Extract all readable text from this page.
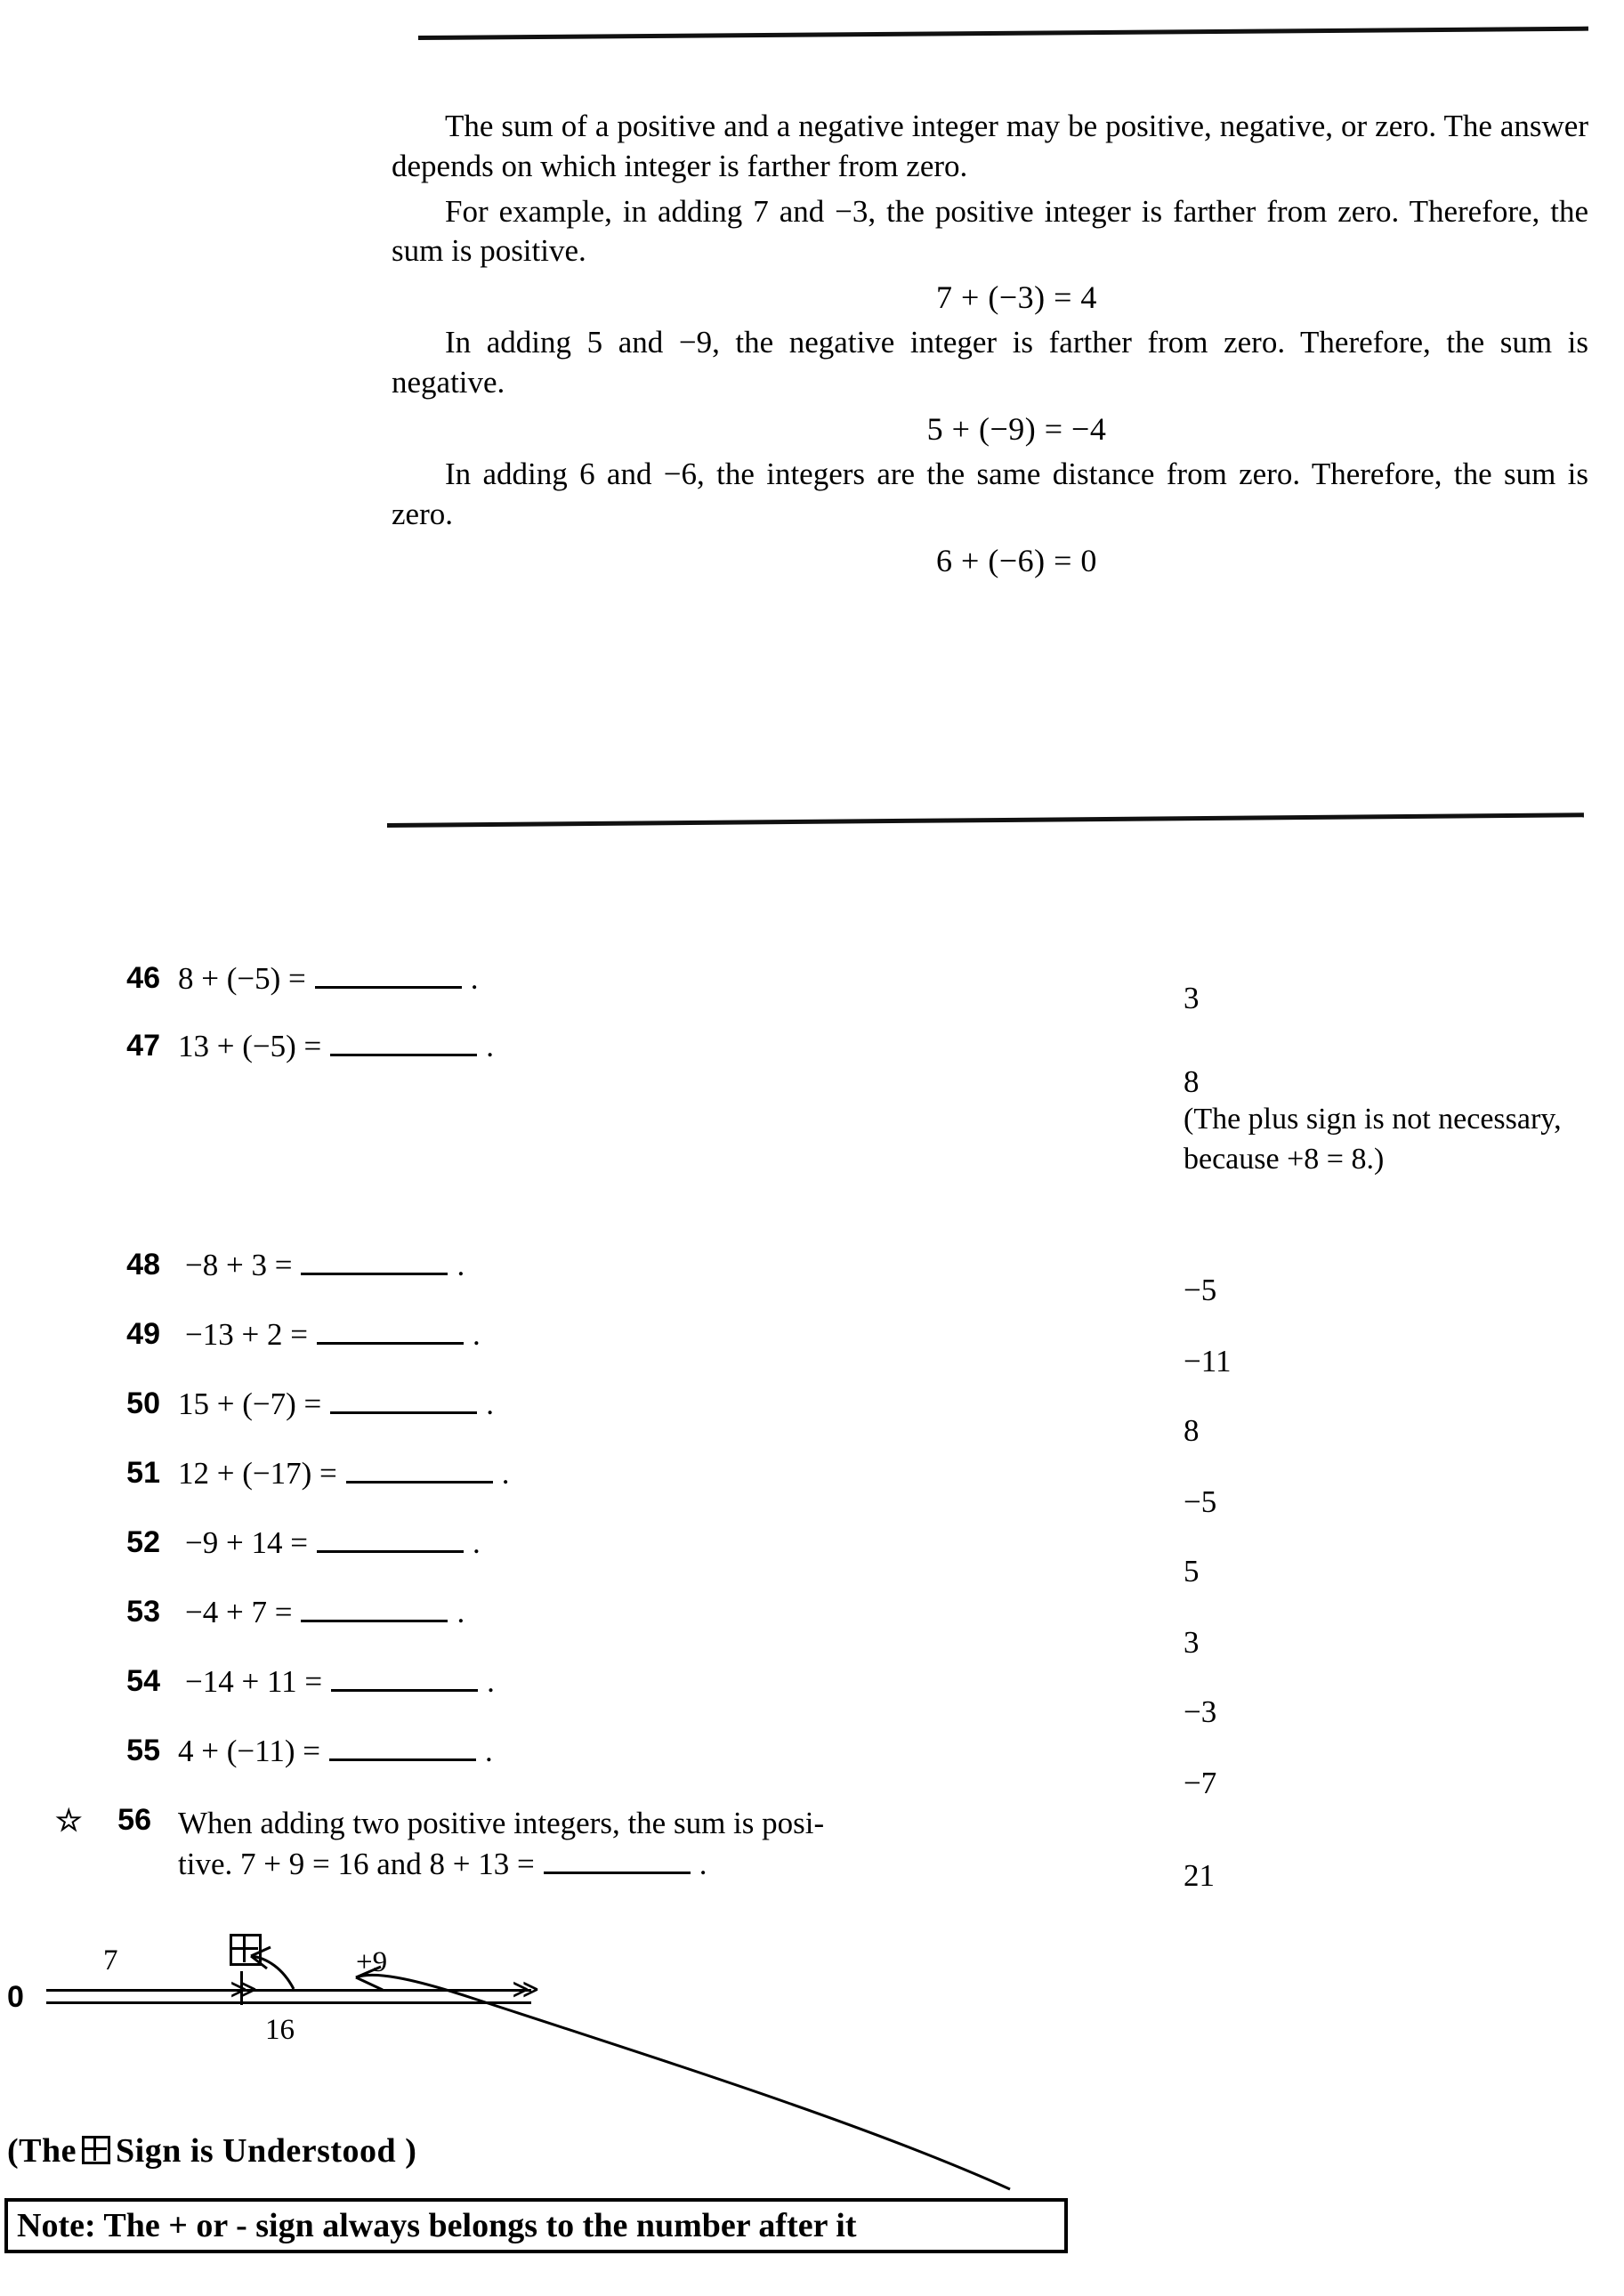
The sum of a positive and a negative integer may be positive, negative, or zero. The answer depends on which integer is farther from zero.

For example, in adding 7 and −3, the positive integer is farther from zero. Therefore, the sum is positive.

7 + (−3) = 4

In adding 5 and −9, the negative integer is farther from zero. Therefore, the sum is negative.

5 + (−9) = −4

In adding 6 and −6, the integers are the same distance from zero. Therefore, the sum is zero.

6 + (−6) = 0

46 8 + (−5) =	.
3
47 13 + (−5) =	.
8
(The plus sign is not necessary, because +8 = 8.)
48 −8 + 3 =	.
−5
49 −13 + 2 =	.
−11
50 15 + (−7) =	.
8
51 12 + (−17) =	.
−5
52 −9 + 14 =	.
5
53 −4 + 7 =	.
3
54 −14 + 11 =	.
−3
55 4 + (−11) =	.
−7
☆ 56 When adding two positive integers, the sum is posi-
tive. 7 + 9 = 16 and 8 + 13 =	.	21
0
7	+9
16
≫	≫
(The Sign is Understood )
Note: The + or - sign always belongs to the number after it
